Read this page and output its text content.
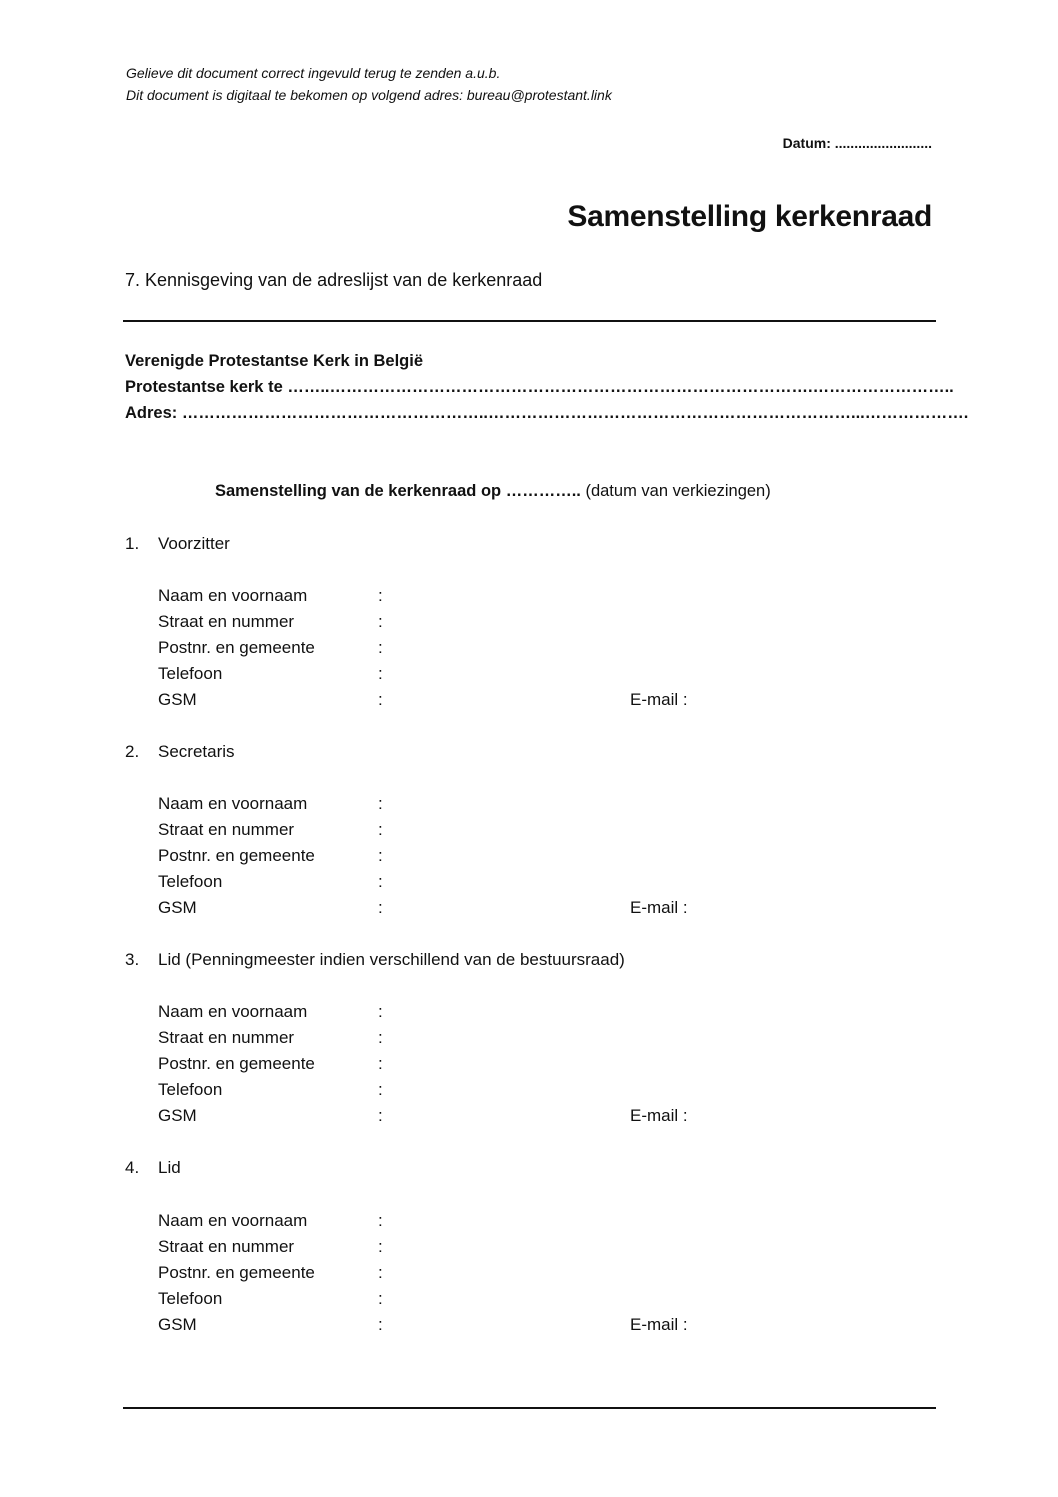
Gelieve dit document correct ingevuld terug te zenden a.u.b.
Dit document is digitaal te bekomen op volgend adres: bureau@protestant.link
Datum: .........................
Samenstelling kerkenraad
7. Kennisgeving van de adreslijst van de kerkenraad
Verenigde Protestantse Kerk in België
Protestantse kerk te ……..…………………………………………………………………………….……………………..
Adres: ………………………………………………..…………………………………………………………...……………….
Samenstelling van de kerkenraad op ………….. (datum van verkiezingen)
1. Voorzitter
Naam en voornaam	:
Straat en nummer	:
Postnr. en gemeente	:
Telefoon	:
GSM	:	E-mail :
2. Secretaris
Naam en voornaam	:
Straat en nummer	:
Postnr. en gemeente	:
Telefoon	:
GSM	:	E-mail :
3. Lid (Penningmeester indien verschillend van de bestuursraad)
Naam en voornaam	:
Straat en nummer	:
Postnr. en gemeente	:
Telefoon	:
GSM	:	E-mail :
4. Lid
Naam en voornaam	:
Straat en nummer	:
Postnr. en gemeente	:
Telefoon	:
GSM	:	E-mail :
